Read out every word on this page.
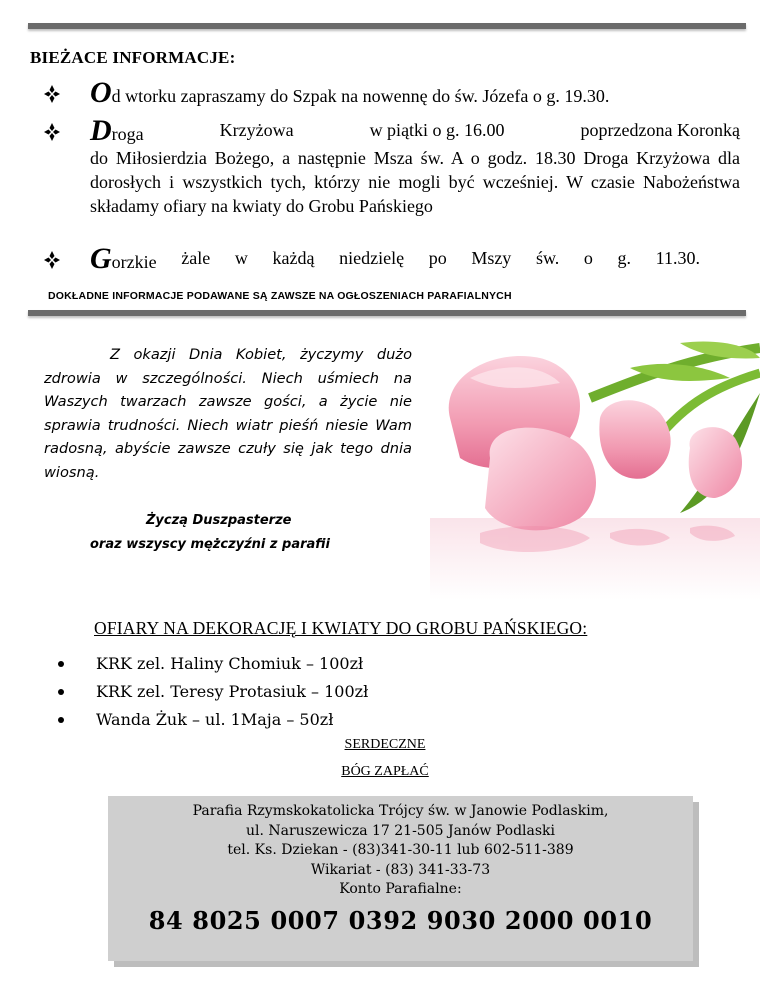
BIEŻACE INFORMACJE:
Od wtorku zapraszamy do Szpak na nowennę do św. Józefa o g. 19.30.
Droga	Krzyżowa	w piątki o g. 16.00	poprzedzona Koronką
do Miłosierdzia Bożego, a następnie Msza św. A o godz. 18.30 Droga Krzyżowa dla dorosłych i wszystkich tych, którzy nie mogli być wcześniej. W czasie Nabożeństwa składamy ofiary na kwiaty do Grobu Pańskiego
Gorzkie żale w każdą niedzielę po Mszy św. o g. 11.30.
DOKŁADNE INFORMACJE PODAWANE SĄ ZAWSZE NA OGŁOSZENIACH PARAFIALNYCH
Z okazji Dnia Kobiet, życzymy dużo zdrowia w szczególności. Niech uśmiech na Waszych twarzach zawsze gości, a życie nie sprawia trudności. Niech wiatr pieśń niesie Wam radosną, abyście zawsze czuły się jak tego dnia wiosną.
Życzą Duszpasterze
oraz wszyscy mężczyźni z parafii
OFIARY NA DEKORACJĘ I KWIATY DO GROBU PAŃSKIEGO:
KRK zel. Haliny Chomiuk – 100zł
KRK zel. Teresy Protasiuk – 100zł
Wanda Żuk – ul. 1Maja – 50zł
SERDECZNE
BÓG ZAPŁAĆ
Parafia Rzymskokatolicka Trójcy św. w Janowie Podlaskim,
ul. Naruszewicza 17 21-505 Janów Podlaski
tel. Ks. Dziekan - (83)341-30-11 lub 602-511-389
Wikariat - (83) 341-33-73
Konto Parafialne:
84 8025 0007 0392 9030 2000 0010
